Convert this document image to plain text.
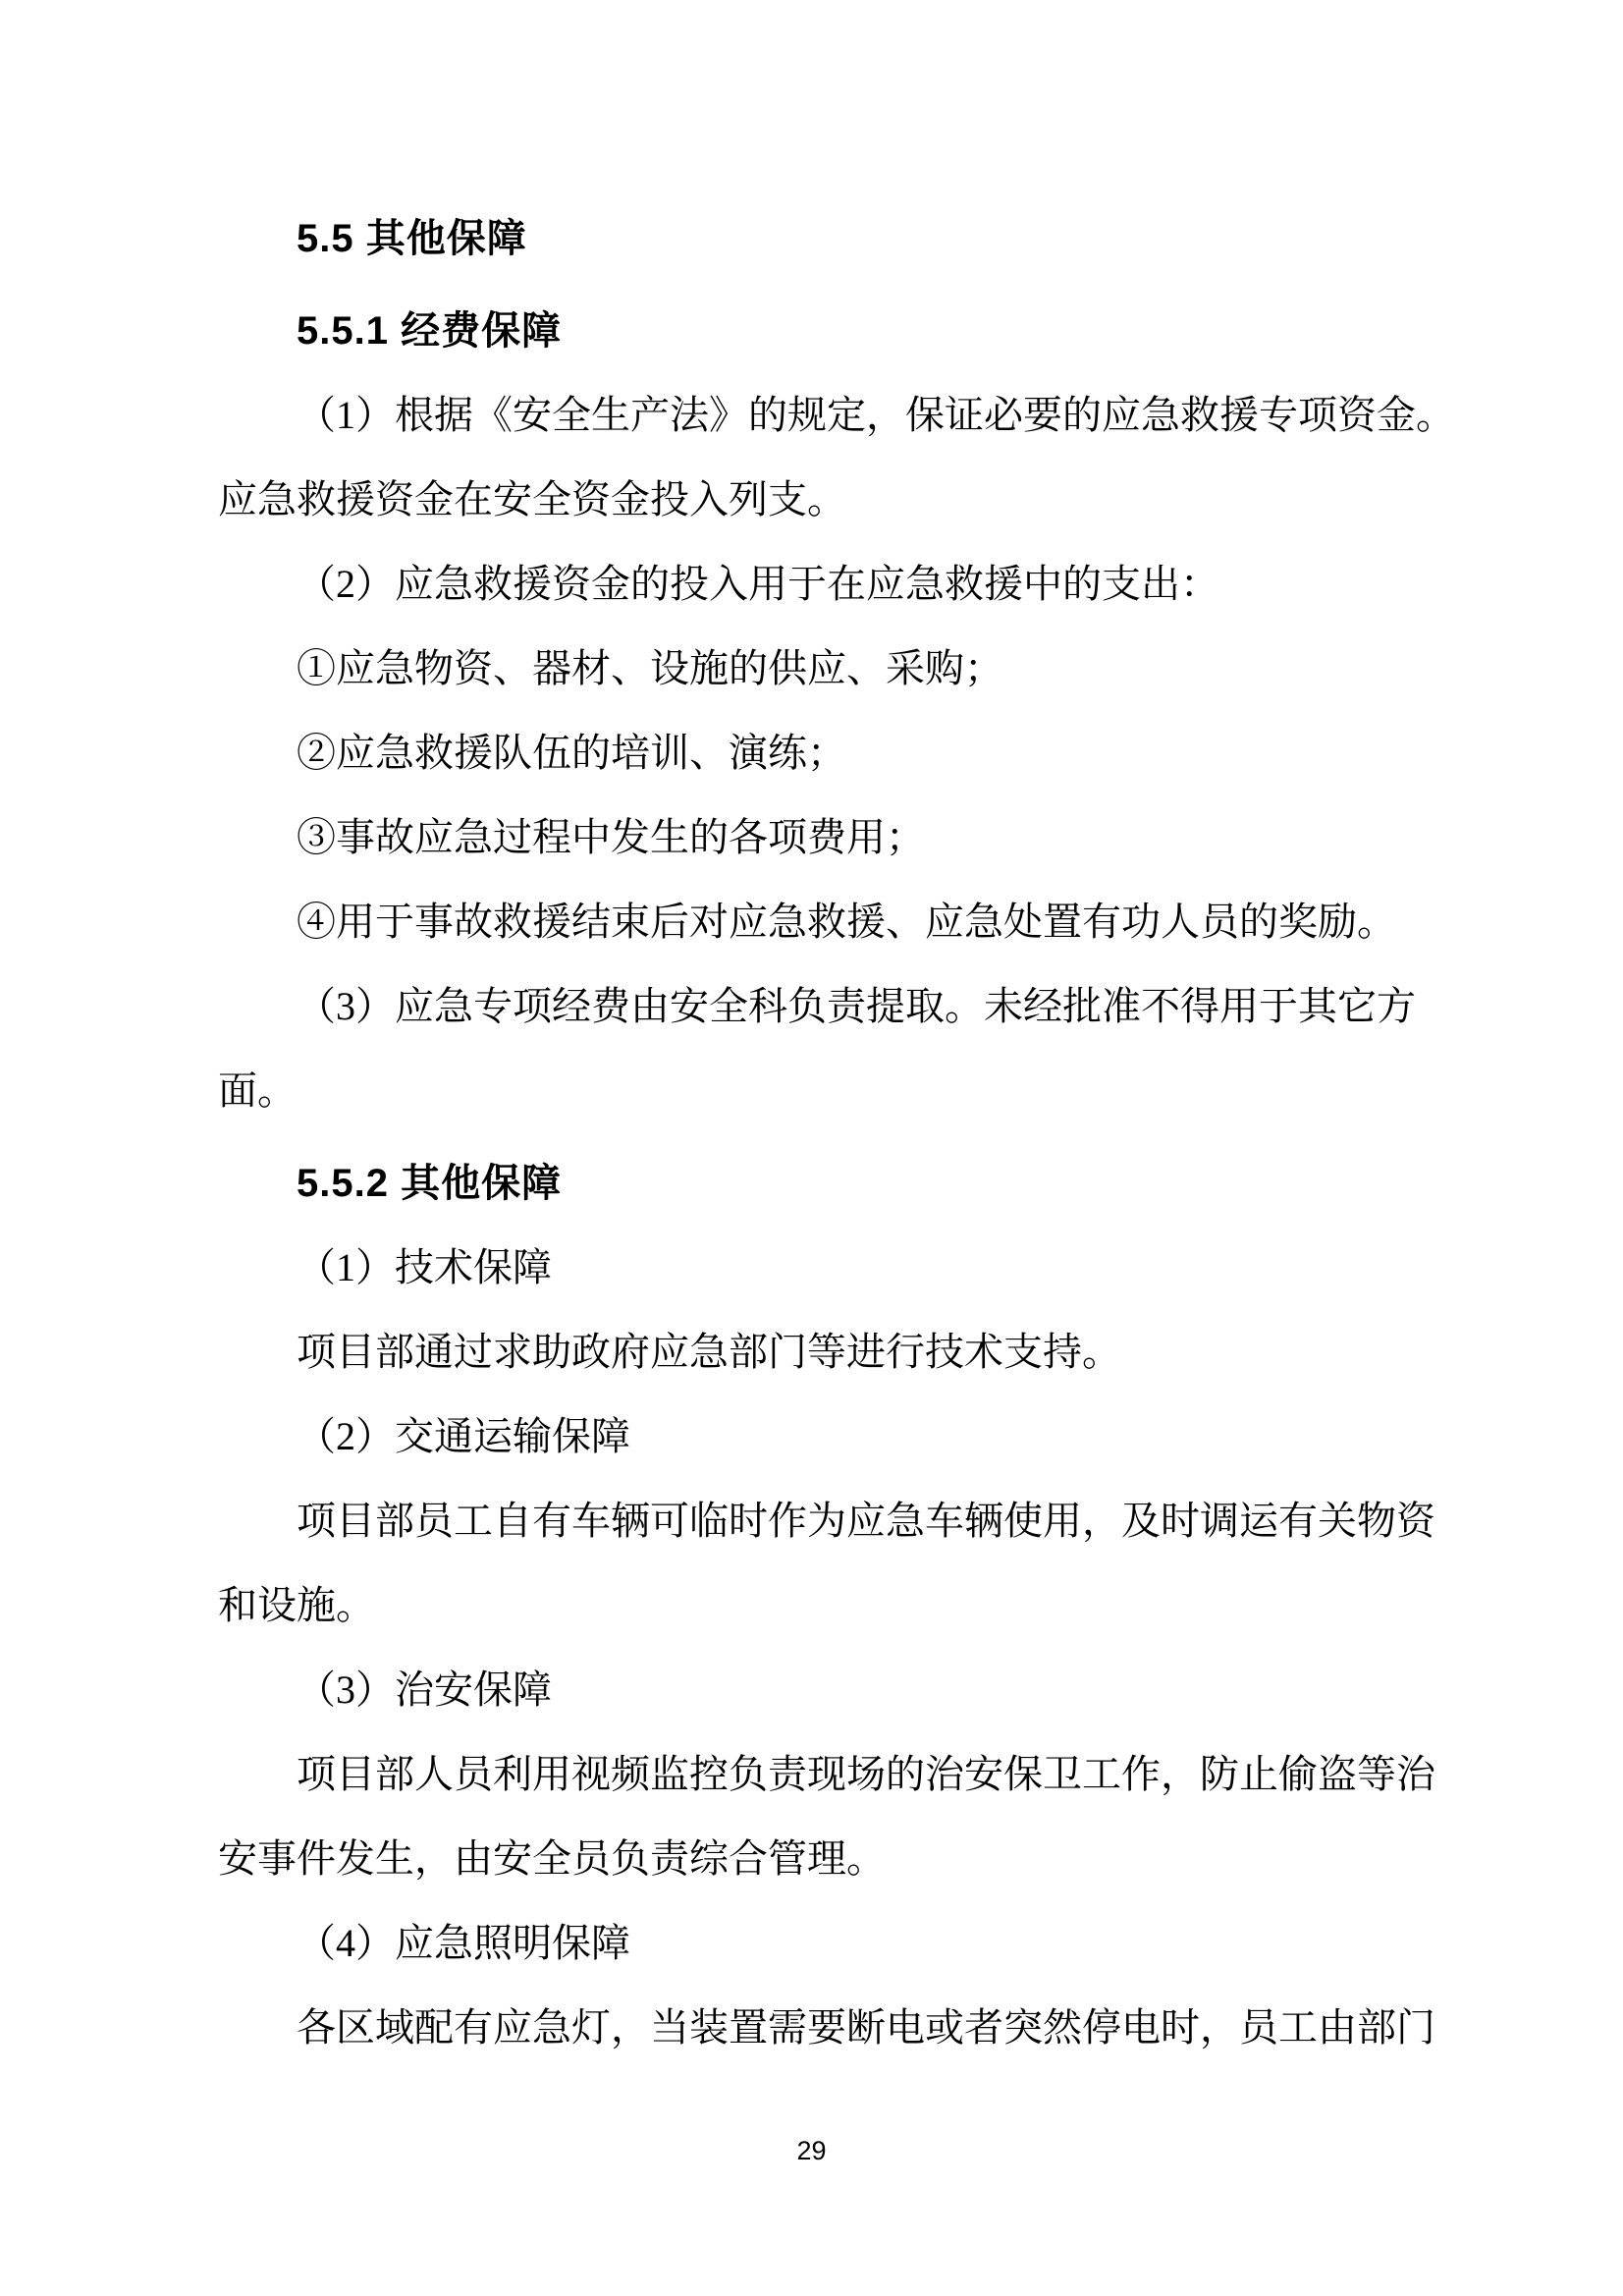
5.5 其他保障
5.5.1 经费保障
（1）根据《安全生产法》的规定，保证必要的应急救援专项资金。
应急救援资金在安全资金投入列支。
（2）应急救援资金的投入用于在应急救援中的支出：
①应急物资、器材、设施的供应、采购；
②应急救援队伍的培训、演练；
③事故应急过程中发生的各项费用；
④用于事故救援结束后对应急救援、应急处置有功人员的奖励。
（3）应急专项经费由安全科负责提取。未经批准不得用于其它方
面。
5.5.2 其他保障
（1）技术保障
项目部通过求助政府应急部门等进行技术支持。
（2）交通运输保障
项目部员工自有车辆可临时作为应急车辆使用，及时调运有关物资
和设施。
（3）治安保障
项目部人员利用视频监控负责现场的治安保卫工作，防止偷盗等治
安事件发生，由安全员负责综合管理。
（4）应急照明保障
各区域配有应急灯，当装置需要断电或者突然停电时，员工由部门
29
